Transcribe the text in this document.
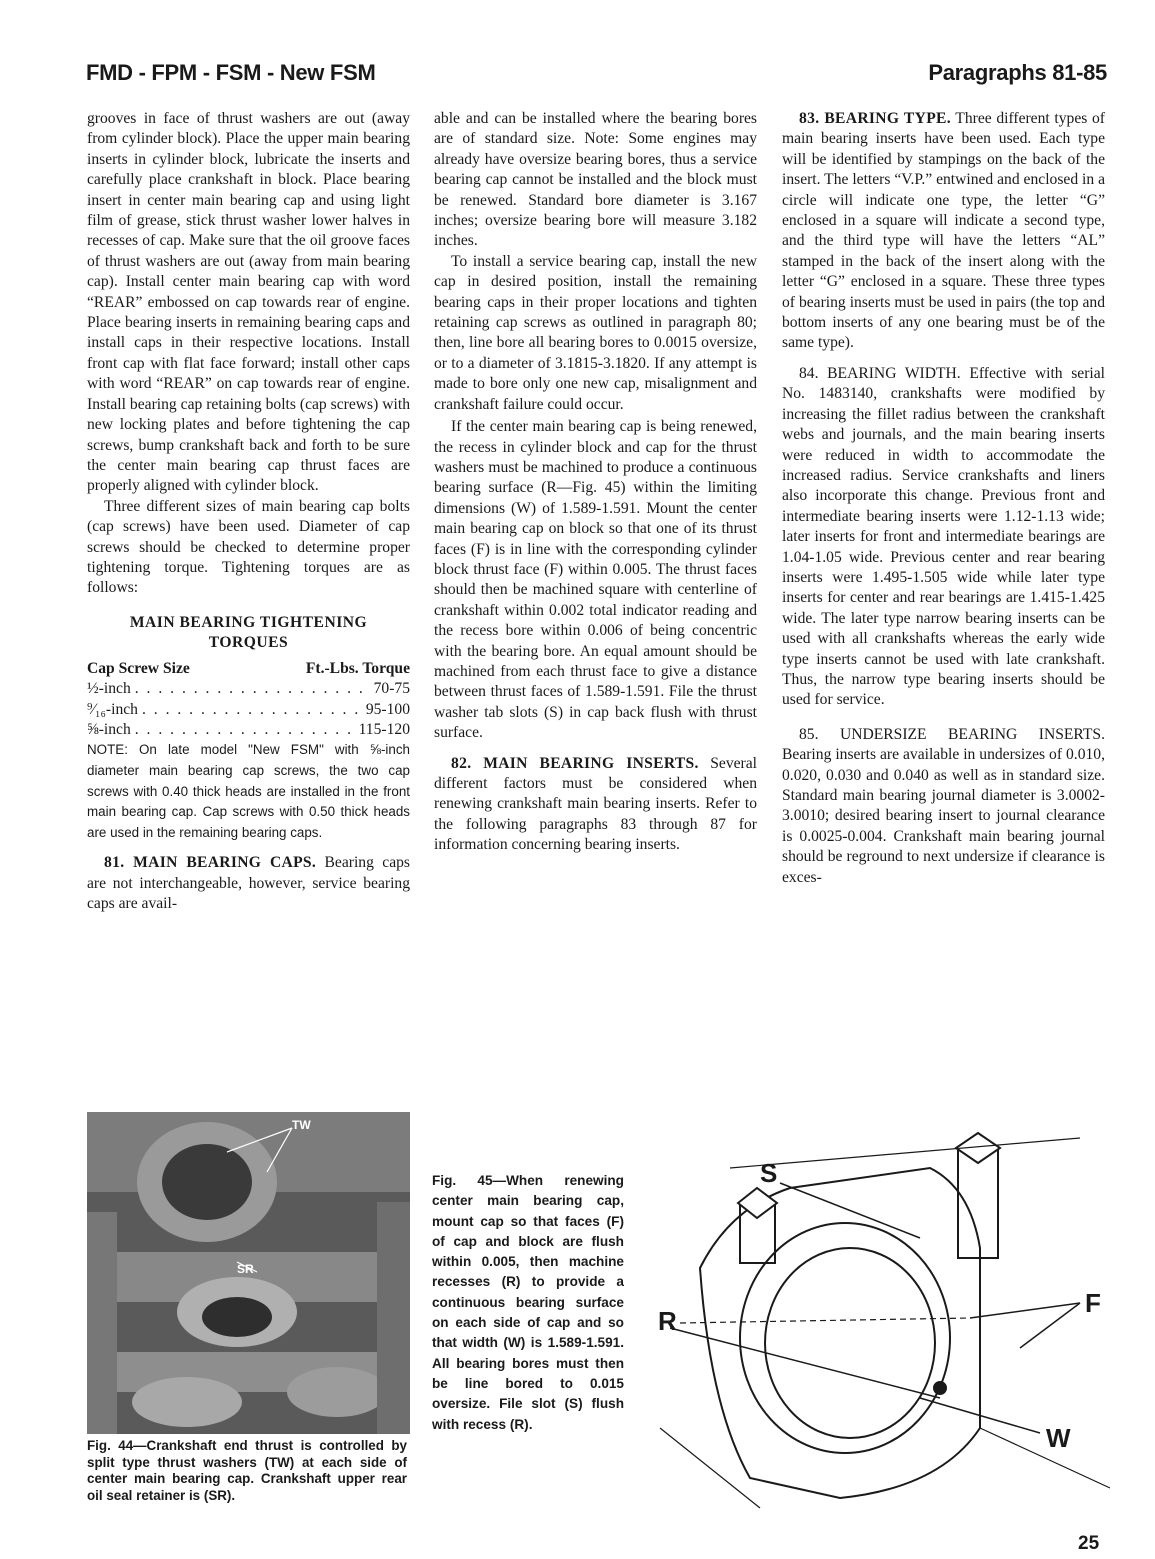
FMD - FPM - FSM - New FSM	Paragraphs 81-85

grooves in face of thrust washers are out (away from cylinder block). Place the upper main bearing inserts in cylinder block, lubricate the inserts and carefully place crankshaft in block. Place bearing insert in center main bearing cap and using light film of grease, stick thrust washer lower halves in recesses of cap. Make sure that the oil groove faces of thrust washers are out (away from main bearing cap). Install center main bearing cap with word “REAR” embossed on cap towards rear of engine. Place bearing inserts in remaining bearing caps and install caps in their respective locations. Install front cap with flat face forward; install other caps with word “REAR” on cap towards rear of engine. Install bearing cap retaining bolts (cap screws) with new locking plates and before tightening the cap screws, bump crankshaft back and forth to be sure the center main bearing cap thrust faces are properly aligned with cylinder block.

Three different sizes of main bearing cap bolts (cap screws) have been used. Diameter of cap screws should be checked to determine proper tightening torque. Tightening torques are as follows:

MAIN BEARING TIGHTENING
TORQUES
Cap Screw Size	Ft.-Lbs. Torque
½-inch . . .	70-75
⁹⁄₁₆-inch . . .	95-100
⅝-inch . . .	115-120
NOTE: On late model "New FSM" with ⅝-inch diameter main bearing cap screws, the two cap screws with 0.40 thick heads are installed in the front main bearing cap. Cap screws with 0.50 thick heads are used in the remaining bearing caps.

81. MAIN BEARING CAPS. Bearing caps are not interchangeable, however, service bearing caps are avail-

able and can be installed where the bearing bores are of standard size. Note: Some engines may already have oversize bearing bores, thus a service bearing cap cannot be installed and the block must be renewed. Standard bore diameter is 3.167 inches; oversize bearing bore will measure 3.182 inches.

To install a service bearing cap, install the new cap in desired position, install the remaining bearing caps in their proper locations and tighten retaining cap screws as outlined in paragraph 80; then, line bore all bearing bores to 0.0015 oversize, or to a diameter of 3.1815-3.1820. If any attempt is made to bore only one new cap, misalignment and crankshaft failure could occur.

If the center main bearing cap is being renewed, the recess in cylinder block and cap for the thrust washers must be machined to produce a continuous bearing surface (R—Fig. 45) within the limiting dimensions (W) of 1.589-1.591. Mount the center main bearing cap on block so that one of its thrust faces (F) is in line with the corresponding cylinder block thrust face (F) within 0.005. The thrust faces should then be machined square with centerline of crankshaft within 0.002 total indicator reading and the recess bore within 0.006 of being concentric with the bearing bore. An equal amount should be machined from each thrust face to give a distance between thrust faces of 1.589-1.591. File the thrust washer tab slots (S) in cap back flush with thrust surface.

82. MAIN BEARING INSERTS. Several different factors must be considered when renewing crankshaft main bearing inserts. Refer to the following paragraphs 83 through 87 for information concerning bearing inserts.

83. BEARING TYPE. Three different types of main bearing inserts have been used. Each type will be identified by stampings on the back of the insert. The letters “V.P.” entwined and enclosed in a circle will indicate one type, the letter “G” enclosed in a square will indicate a second type, and the third type will have the letters “AL” stamped in the back of the insert along with the letter “G” enclosed in a square. These three types of bearing inserts must be used in pairs (the top and bottom inserts of any one bearing must be of the same type).

84. BEARING WIDTH. Effective with serial No. 1483140, crankshafts were modified by increasing the fillet radius between the crankshaft webs and journals, and the main bearing inserts were reduced in width to accommodate the increased radius. Service crankshafts and liners also incorporate this change. Previous front and intermediate bearing inserts were 1.12-1.13 wide; later inserts for front and intermediate bearings are 1.04-1.05 wide. Previous center and rear bearing inserts were 1.495-1.505 wide while later type inserts for center and rear bearings are 1.415-1.425 wide. The later type narrow bearing inserts can be used with all crankshafts whereas the early wide type inserts cannot be used with late crankshaft. Thus, the narrow type bearing inserts should be used for service.

85. UNDERSIZE BEARING INSERTS. Bearing inserts are available in undersizes of 0.010, 0.020, 0.030 and 0.040 as well as in standard size. Standard main bearing journal diameter is 3.0002-3.0010; desired bearing insert to journal clearance is 0.0025-0.004. Crankshaft main bearing journal should be reground to next undersize if clearance is exces-

TW
SR
Fig. 44—Crankshaft end thrust is controlled by split type thrust washers (TW) at each side of center main bearing cap. Crankshaft upper rear oil seal retainer is (SR).
Fig. 45—When renewing center main bearing cap, mount cap so that faces (F) of cap and block are flush within 0.005, then machine recesses (R) to provide a continuous bearing surface on each side of cap and so that width (W) is 1.589-1.591. All bearing bores must then be line bored to 0.015 oversize. File slot (S) flush with recess (R).
S
R
F
W
25
